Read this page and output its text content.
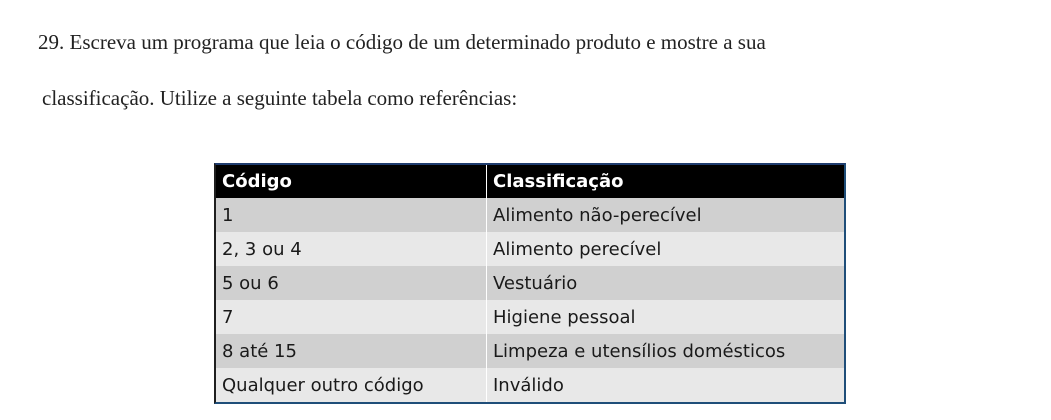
29. Escreva um programa que leia o código de um determinado produto e mostre a sua

classificação. Utilize a seguinte tabela como referências:
Código	Classificação
1	Alimento não-perecível
2, 3 ou 4	Alimento perecível
5 ou 6	Vestuário
7	Higiene pessoal
8 até 15	Limpeza e utensílios domésticos
Qualquer outro código	Inválido
